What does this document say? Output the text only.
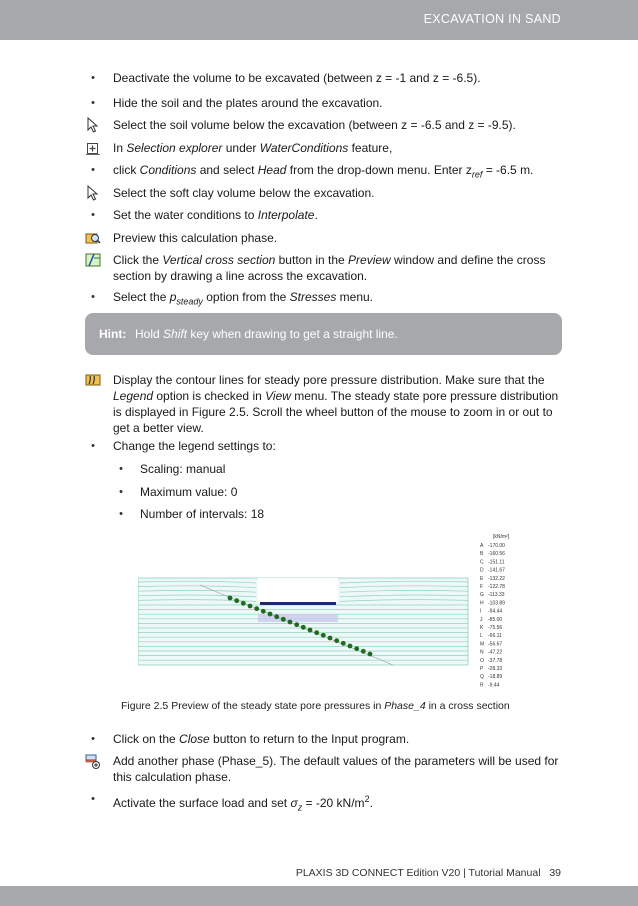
EXCAVATION IN SAND
•	Deactivate the volume to be excavated (between z = -1 and z = -6.5).
•	Hide the soil and the plates around the excavation.
Select the soil volume below the excavation (between z = -6.5 and z = -9.5).
In Selection explorer under WaterConditions feature,
•	click Conditions and select Head from the drop-down menu. Enter $z_{ref} = -6.5$ m.
Select the soft clay volume below the excavation.
•	Set the water conditions to Interpolate.
Preview this calculation phase.
Click the Vertical cross section button in the Preview window and define the cross
section by drawing a line across the excavation.
•	Select the $p_{steady}$ option from the Stresses menu.
Hint: Hold Shift key when drawing to get a straight line.
Display the contour lines for steady pore pressure distribution. Make sure that the
Legend option is checked in View menu. The steady state pore pressure distribution
is displayed in Figure 2.5. Scroll the wheel button of the mouse to zoom in or out to
get a better view.
•	Change the legend settings to:
•	Scaling: manual
•	Maximum value: 0
•	Number of intervals: 18
[kN/m²]
A -170.00
B -160.56
C -151.11
D -141.67
E -132.22
F -122.78
G -113.33
H -103.89
I -94.44
J -85.00
K -75.56
L -66.11
M -56.67
N -47.22
O -37.78
P -28.33
Q -18.89
R -9.44
Figure 2.5 Preview of the steady state pore pressures in Phase_4 in a cross section
•	Click on the Close button to return to the Input program.
Add another phase (Phase_5). The default values of the parameters will be used for
this calculation phase.
•	Activate the surface load and set $\sigma_z = -20$ $kN/m^2$.
PLAXIS 3D CONNECT Edition V20 | Tutorial Manual 39
